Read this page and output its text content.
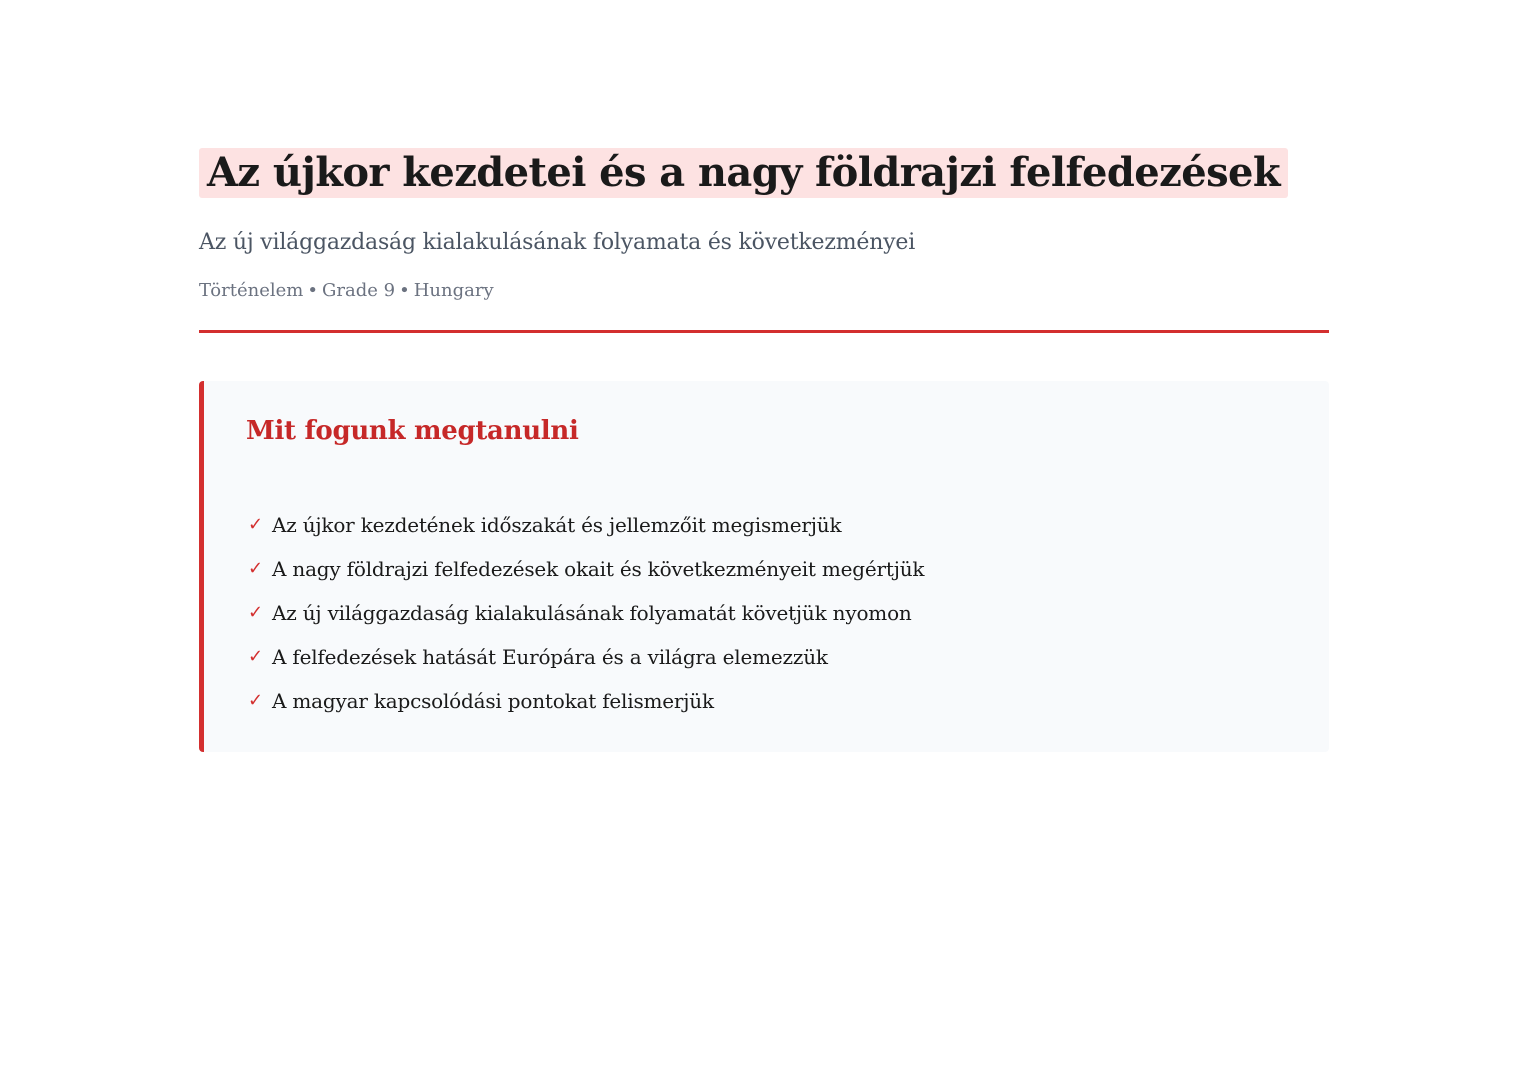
Az újkor kezdetei és a nagy földrajzi felfedezések
Az új világgazdaság kialakulásának folyamata és következményei
Történelem • Grade 9 • Hungary
Mit fogunk megtanulni
✓ Az újkor kezdetének időszakát és jellemzőit megismerjük
✓ A nagy földrajzi felfedezések okait és következményeit megértjük
✓ Az új világgazdaság kialakulásának folyamatát követjük nyomon
✓ A felfedezések hatását Európára és a világra elemezzük
✓ A magyar kapcsolódási pontokat felismerjük
